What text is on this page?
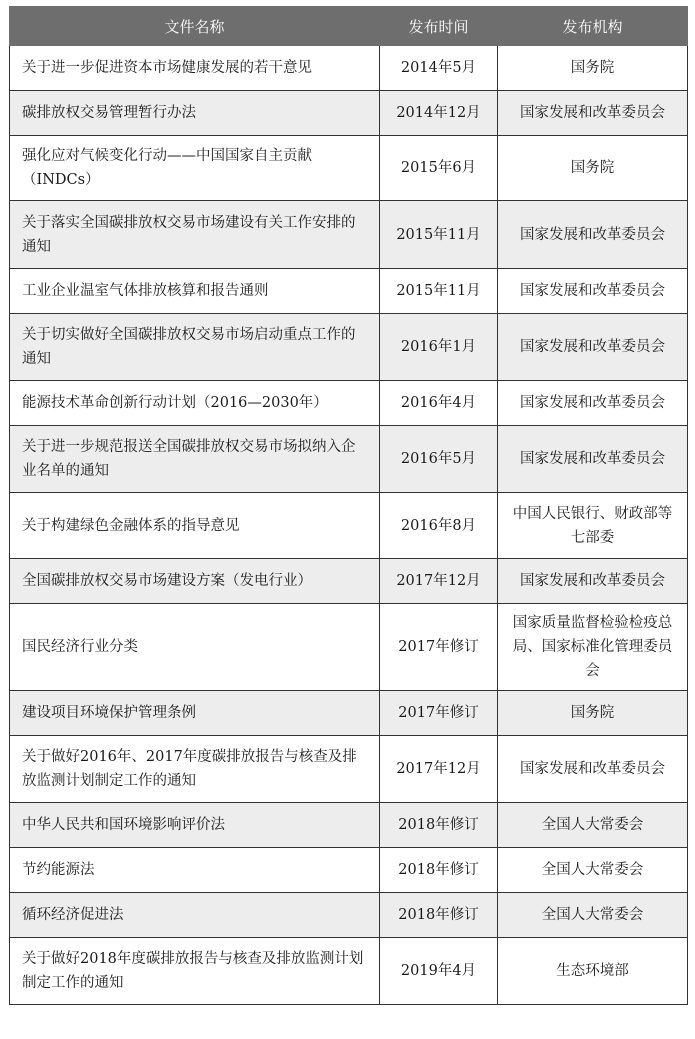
文件名称	发布时间	发布机构
关于进一步促进资本市场健康发展的若干意见	2014年5月	国务院
碳排放权交易管理暂行办法	2014年12月	国家发展和改革委员会
强化应对气候变化行动——中国国家自主贡献（INDCs）	2015年6月	国务院
关于落实全国碳排放权交易市场建设有关工作安排的通知	2015年11月	国家发展和改革委员会
工业企业温室气体排放核算和报告通则	2015年11月	国家发展和改革委员会
关于切实做好全国碳排放权交易市场启动重点工作的通知	2016年1月	国家发展和改革委员会
能源技术革命创新行动计划（2016—2030年）	2016年4月	国家发展和改革委员会
关于进一步规范报送全国碳排放权交易市场拟纳入企业名单的通知	2016年5月	国家发展和改革委员会
关于构建绿色金融体系的指导意见	2016年8月	中国人民银行、财政部等七部委
全国碳排放权交易市场建设方案（发电行业）	2017年12月	国家发展和改革委员会
国民经济行业分类	2017年修订	国家质量监督检验检疫总局、国家标准化管理委员会
建设项目环境保护管理条例	2017年修订	国务院
关于做好2016年、2017年度碳排放报告与核查及排放监测计划制定工作的通知	2017年12月	国家发展和改革委员会
中华人民共和国环境影响评价法	2018年修订	全国人大常委会
节约能源法	2018年修订	全国人大常委会
循环经济促进法	2018年修订	全国人大常委会
关于做好2018年度碳排放报告与核查及排放监测计划制定工作的通知	2019年4月	生态环境部
